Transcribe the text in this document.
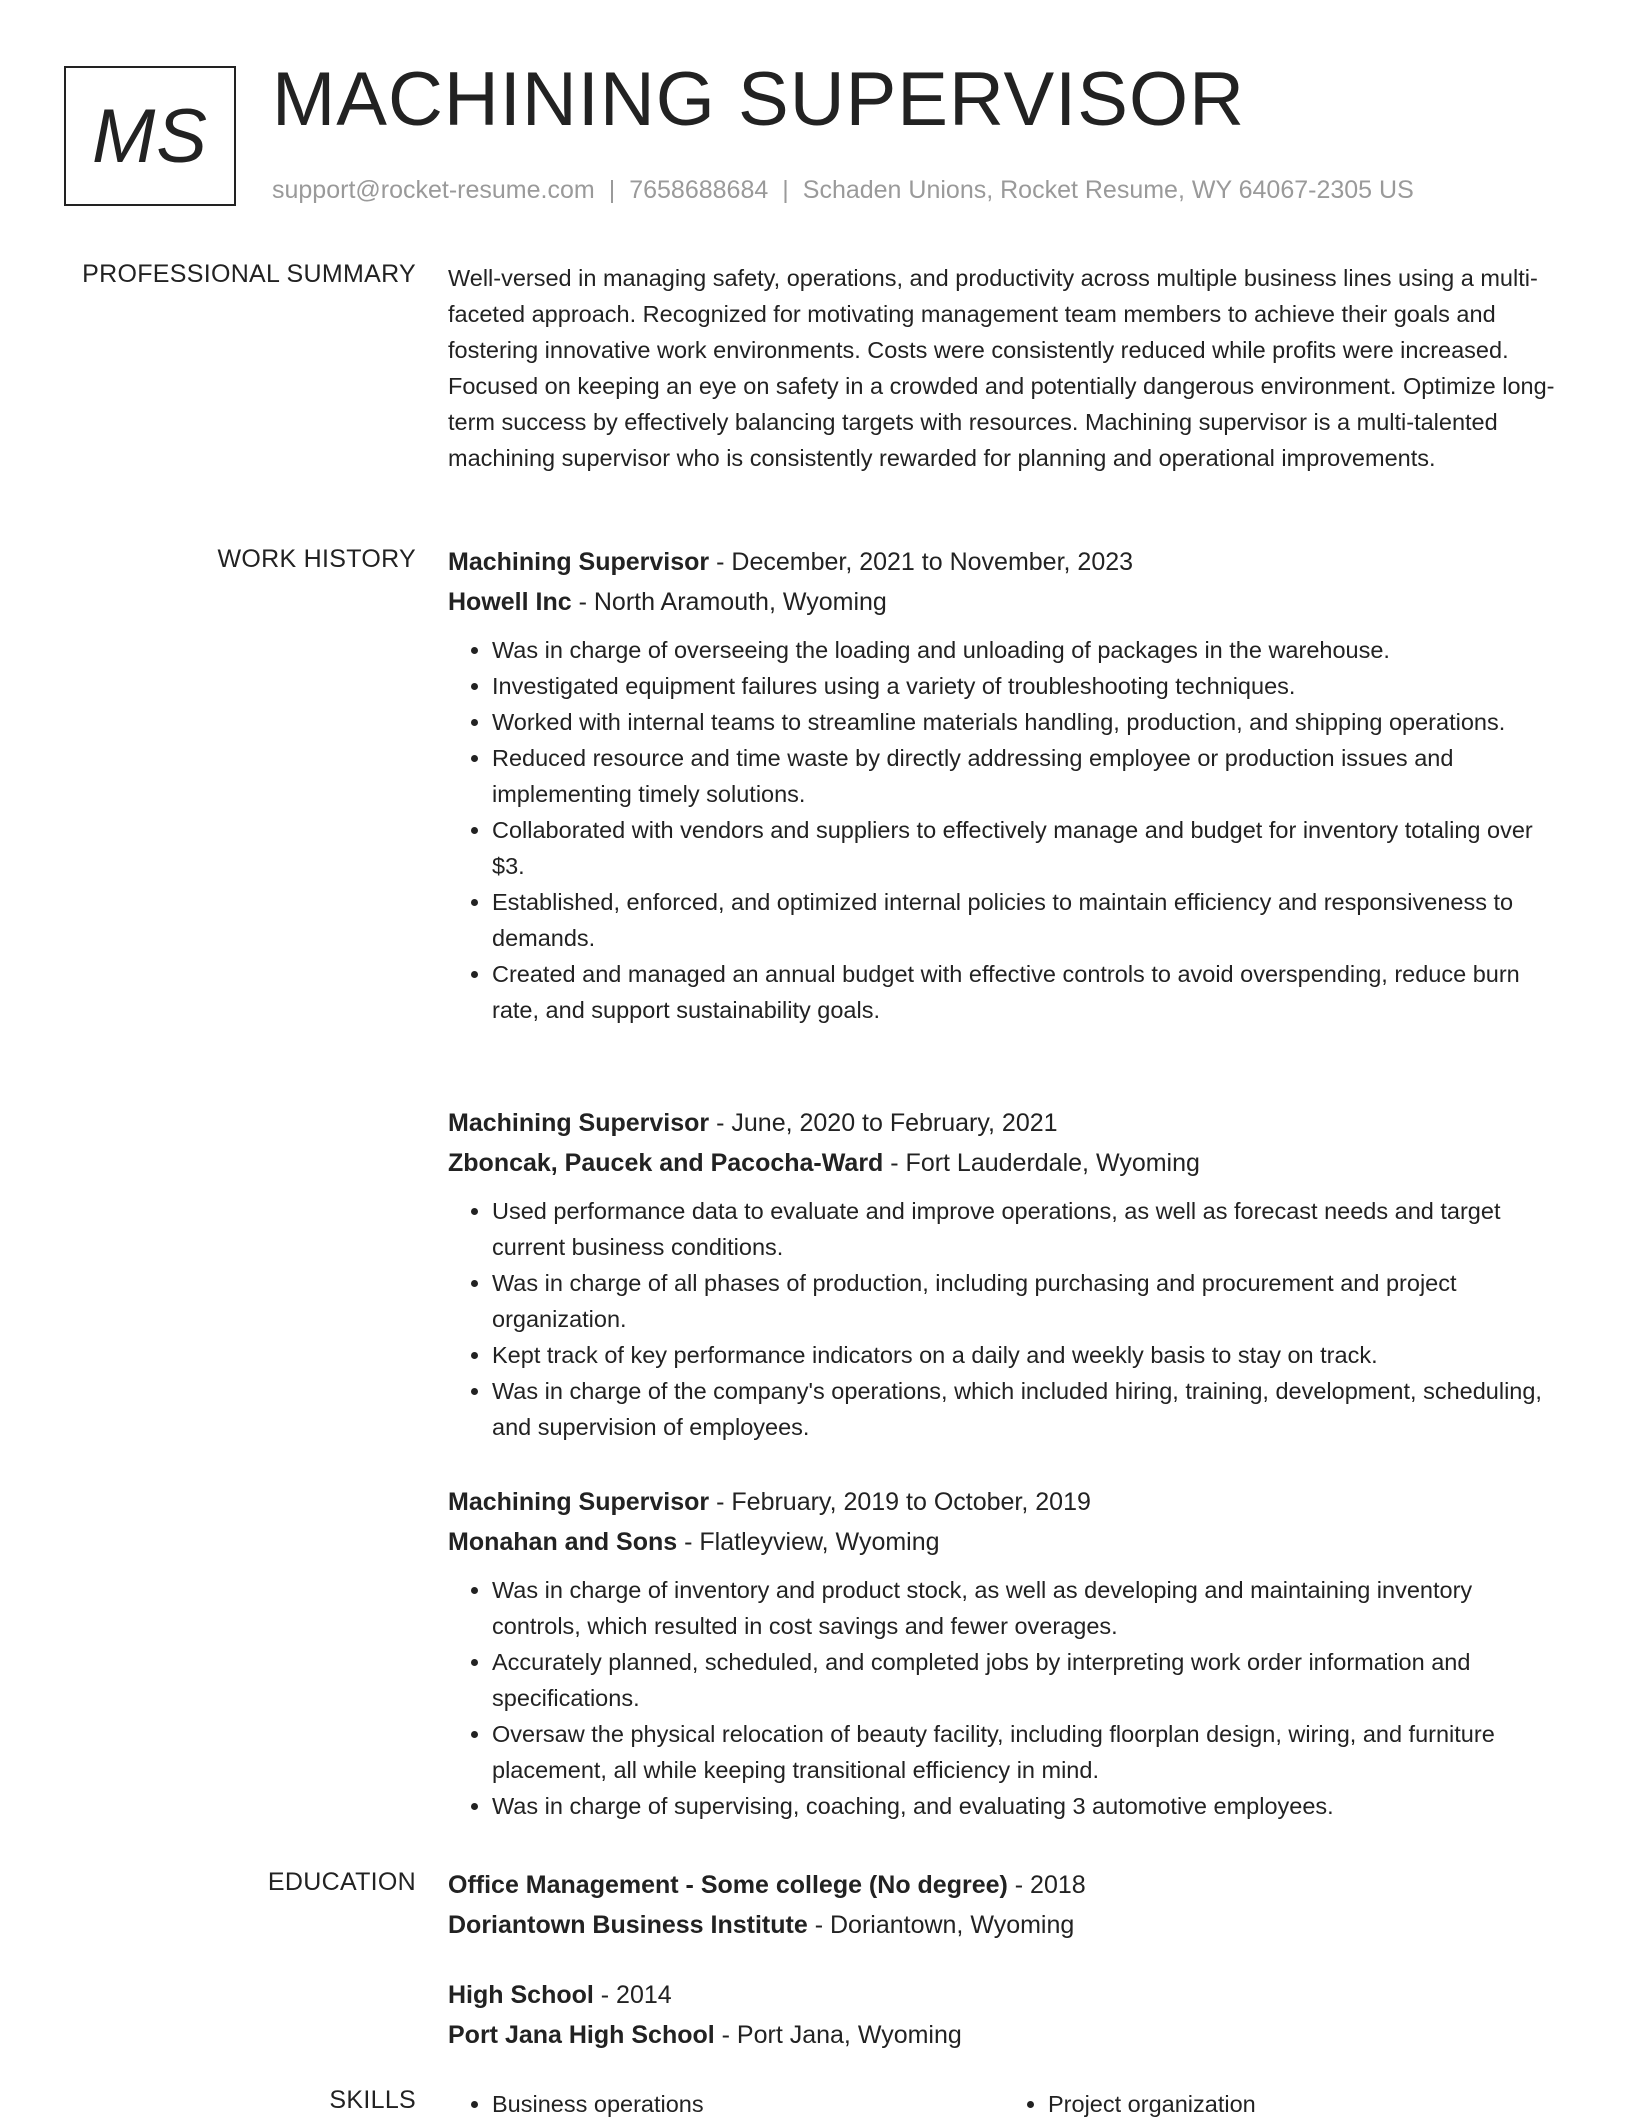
MS MACHINING SUPERVISOR
support@rocket-resume.com | 7658688684 | Schaden Unions, Rocket Resume, WY 64067-2305 US
PROFESSIONAL SUMMARY Well-versed in managing safety, operations, and productivity across multiple business lines using a multi-faceted approach. Recognized for motivating management team members to achieve their goals and fostering innovative work environments. Costs were consistently reduced while profits were increased. Focused on keeping an eye on safety in a crowded and potentially dangerous environment. Optimize long-term success by effectively balancing targets with resources. Machining supervisor is a multi-talented machining supervisor who is consistently rewarded for planning and operational improvements.

WORK HISTORY Machining Supervisor - December, 2021 to November, 2023
Howell Inc - North Aramouth, Wyoming
• Was in charge of overseeing the loading and unloading of packages in the warehouse.
• Investigated equipment failures using a variety of troubleshooting techniques.
• Worked with internal teams to streamline materials handling, production, and shipping operations.
• Reduced resource and time waste by directly addressing employee or production issues and implementing timely solutions.
• Collaborated with vendors and suppliers to effectively manage and budget for inventory totaling over $3.
• Established, enforced, and optimized internal policies to maintain efficiency and responsiveness to demands.
• Created and managed an annual budget with effective controls to avoid overspending, reduce burn rate, and support sustainability goals.
Machining Supervisor - June, 2020 to February, 2021
Zboncak, Paucek and Pacocha-Ward - Fort Lauderdale, Wyoming
• Used performance data to evaluate and improve operations, as well as forecast needs and target current business conditions.
• Was in charge of all phases of production, including purchasing and procurement and project organization.
• Kept track of key performance indicators on a daily and weekly basis to stay on track.
• Was in charge of the company's operations, which included hiring, training, development, scheduling, and supervision of employees.
Machining Supervisor - February, 2019 to October, 2019
Monahan and Sons - Flatleyview, Wyoming
• Was in charge of inventory and product stock, as well as developing and maintaining inventory controls, which resulted in cost savings and fewer overages.
• Accurately planned, scheduled, and completed jobs by interpreting work order information and specifications.
• Oversaw the physical relocation of beauty facility, including floorplan design, wiring, and furniture placement, all while keeping transitional efficiency in mind.
• Was in charge of supervising, coaching, and evaluating 3 automotive employees.
EDUCATION Office Management - Some college (No degree) - 2018
Doriantown Business Institute - Doriantown, Wyoming
High School - 2014
Port Jana High School - Port Jana, Wyoming
SKILLS	• Business operations	• Project organization
